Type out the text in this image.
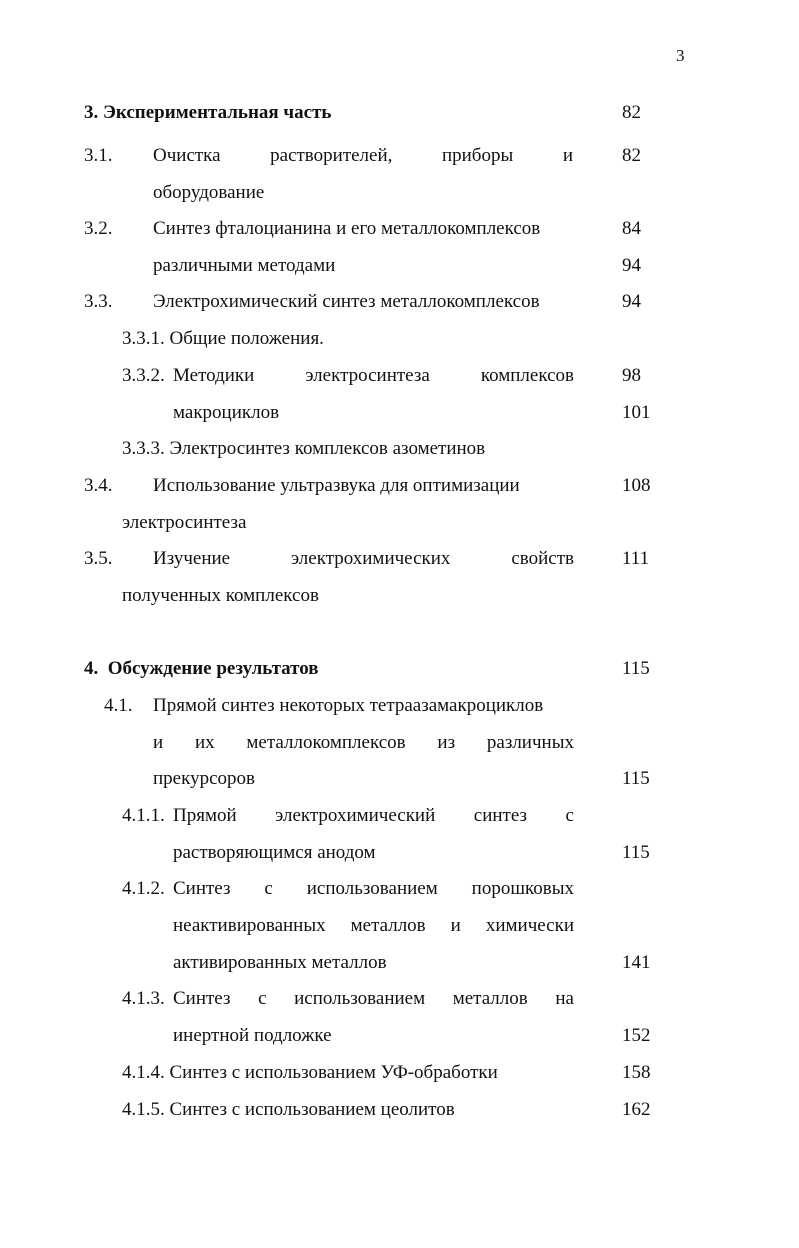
3
3. Экспериментальная часть	82
3.1. Очистка	растворителей,	приборы	и	82
оборудование
3.2. Синтез фталоцианина и его металлокомплексов	84
различными методами	94
3.3. Электрохимический синтез металлокомплексов	94
3.3.1. Общие положения.
3.3.2. Методики	электросинтеза	комплексов	98
макроциклов	101
3.3.3. Электросинтез комплексов азометинов
3.4. Использование ультразвука для оптимизации	108
электросинтеза
3.5. Изучение	электрохимических	свойств	111
полученных комплексов
4.  Обсуждение результатов	115
4.1. Прямой синтез некоторых тетраазамакроциклов
и их металлокомплексов из различных
прекурсоров	115
4.1.1. Прямой электрохимический синтез с
растворяющимся анодом	115
4.1.2. Синтез с использованием порошковых
неактивированных металлов и химически
активированных металлов	141
4.1.3. Синтез с использованием металлов на
инертной подложке	152
4.1.4. Синтез с использованием УФ-обработки	158
4.1.5. Синтез с использованием цеолитов	162
